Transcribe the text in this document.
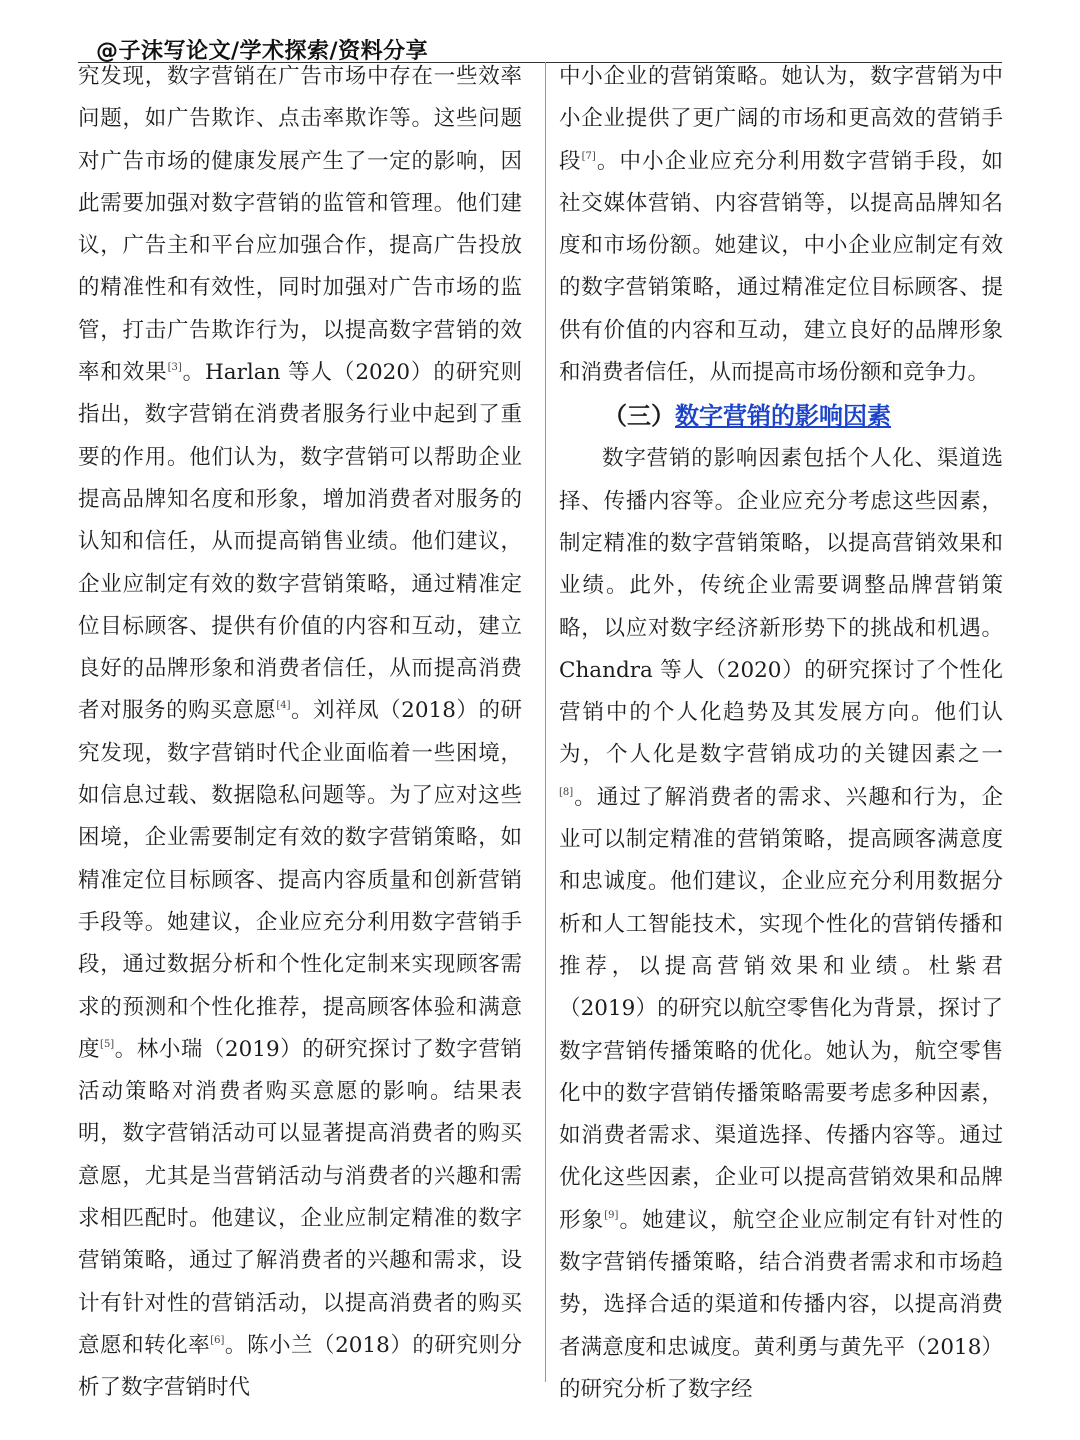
@子沫写论文/学术探索/资料分享

究发现，数字营销在广告市场中存在一些效率问题，如广告欺诈、点击率欺诈等。这些问题对广告市场的健康发展产生了一定的影响，因此需要加强对数字营销的监管和管理。他们建议，广告主和平台应加强合作，提高广告投放的精准性和有效性，同时加强对广告市场的监管，打击广告欺诈行为，以提高数字营销的效率和效果[3]。Harlan 等人（2020）的研究则指出，数字营销在消费者服务行业中起到了重要的作用。他们认为，数字营销可以帮助企业提高品牌知名度和形象，增加消费者对服务的认知和信任，从而提高销售业绩。他们建议，企业应制定有效的数字营销策略，通过精准定位目标顾客、提供有价值的内容和互动，建立良好的品牌形象和消费者信任，从而提高消费者对服务的购买意愿[4]。刘祥凤（2018）的研究发现，数字营销时代企业面临着一些困境，如信息过载、数据隐私问题等。为了应对这些困境，企业需要制定有效的数字营销策略，如精准定位目标顾客、提高内容质量和创新营销手段等。她建议，企业应充分利用数字营销手段，通过数据分析和个性化定制来实现顾客需求的预测和个性化推荐，提高顾客体验和满意度[5]。林小瑞（2019）的研究探讨了数字营销活动策略对消费者购买意愿的影响。结果表明，数字营销活动可以显著提高消费者的购买意愿，尤其是当营销活动与消费者的兴趣和需求相匹配时。他建议，企业应制定精准的数字营销策略，通过了解消费者的兴趣和需求，设计有针对性的营销活动，以提高消费者的购买意愿和转化率[6]。陈小兰（2018）的研究则分析了数字营销时代

中小企业的营销策略。她认为，数字营销为中小企业提供了更广阔的市场和更高效的营销手段[7]。中小企业应充分利用数字营销手段，如社交媒体营销、内容营销等，以提高品牌知名度和市场份额。她建议，中小企业应制定有效的数字营销策略，通过精准定位目标顾客、提供有价值的内容和互动，建立良好的品牌形象和消费者信任，从而提高市场份额和竞争力。

（三）数字营销的影响因素

数字营销的影响因素包括个人化、渠道选择、传播内容等。企业应充分考虑这些因素，制定精准的数字营销策略，以提高营销效果和业绩。此外，传统企业需要调整品牌营销策略，以应对数字经济新形势下的挑战和机遇。Chandra 等人（2020）的研究探讨了个性化营销中的个人化趋势及其发展方向。他们认为，个人化是数字营销成功的关键因素之一[8]。通过了解消费者的需求、兴趣和行为，企业可以制定精准的营销策略，提高顾客满意度和忠诚度。他们建议，企业应充分利用数据分析和人工智能技术，实现个性化的营销传播和推荐，以提高营销效果和业绩。杜紫君（2019）的研究以航空零售化为背景，探讨了数字营销传播策略的优化。她认为，航空零售化中的数字营销传播策略需要考虑多种因素，如消费者需求、渠道选择、传播内容等。通过优化这些因素，企业可以提高营销效果和品牌形象[9]。她建议，航空企业应制定有针对性的数字营销传播策略，结合消费者需求和市场趋势，选择合适的渠道和传播内容，以提高消费者满意度和忠诚度。黄利勇与黄先平（2018）的研究分析了数字经
